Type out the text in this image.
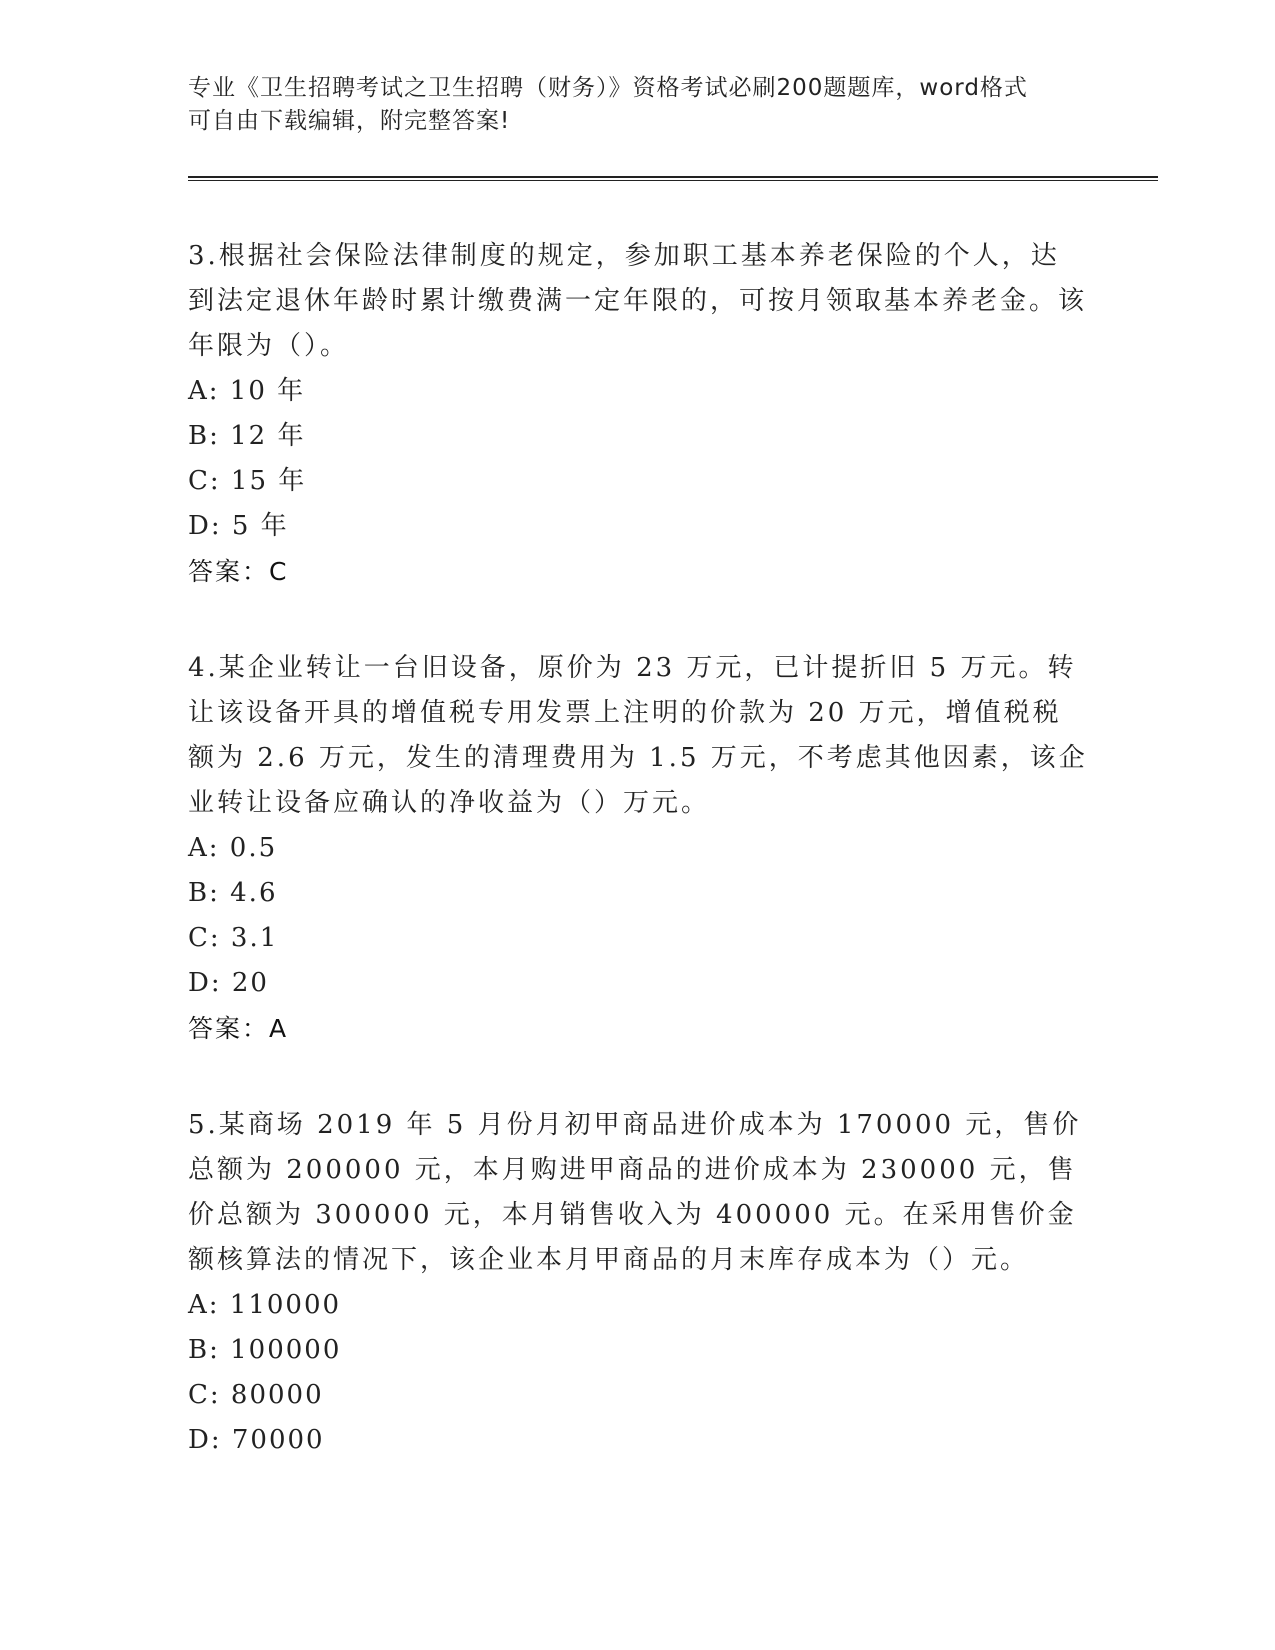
专业《卫生招聘考试之卫生招聘（财务）》资格考试必刷200题题库，word格式
可自由下载编辑，附完整答案!

3.根据社会保险法律制度的规定，参加职工基本养老保险的个人，达到法定退休年龄时累计缴费满一定年限的，可按月领取基本养老金。该年限为（）。

A: 10 年

B: 12 年

C: 15 年

D: 5 年

答案：C

4.某企业转让一台旧设备，原价为 23 万元，已计提折旧 5 万元。转让该设备开具的增值税专用发票上注明的价款为 20 万元，增值税税额为 2.6 万元，发生的清理费用为 1.5 万元，不考虑其他因素，该企业转让设备应确认的净收益为（）万元。

A: 0.5

B: 4.6

C: 3.1

D: 20

答案：A

5.某商场 2019 年 5 月份月初甲商品进价成本为 170000 元，售价总额为 200000 元，本月购进甲商品的进价成本为 230000 元，售价总额为 300000 元，本月销售收入为 400000 元。在采用售价金额核算法的情况下，该企业本月甲商品的月末库存成本为（）元。

A: 110000

B: 100000

C: 80000

D: 70000
